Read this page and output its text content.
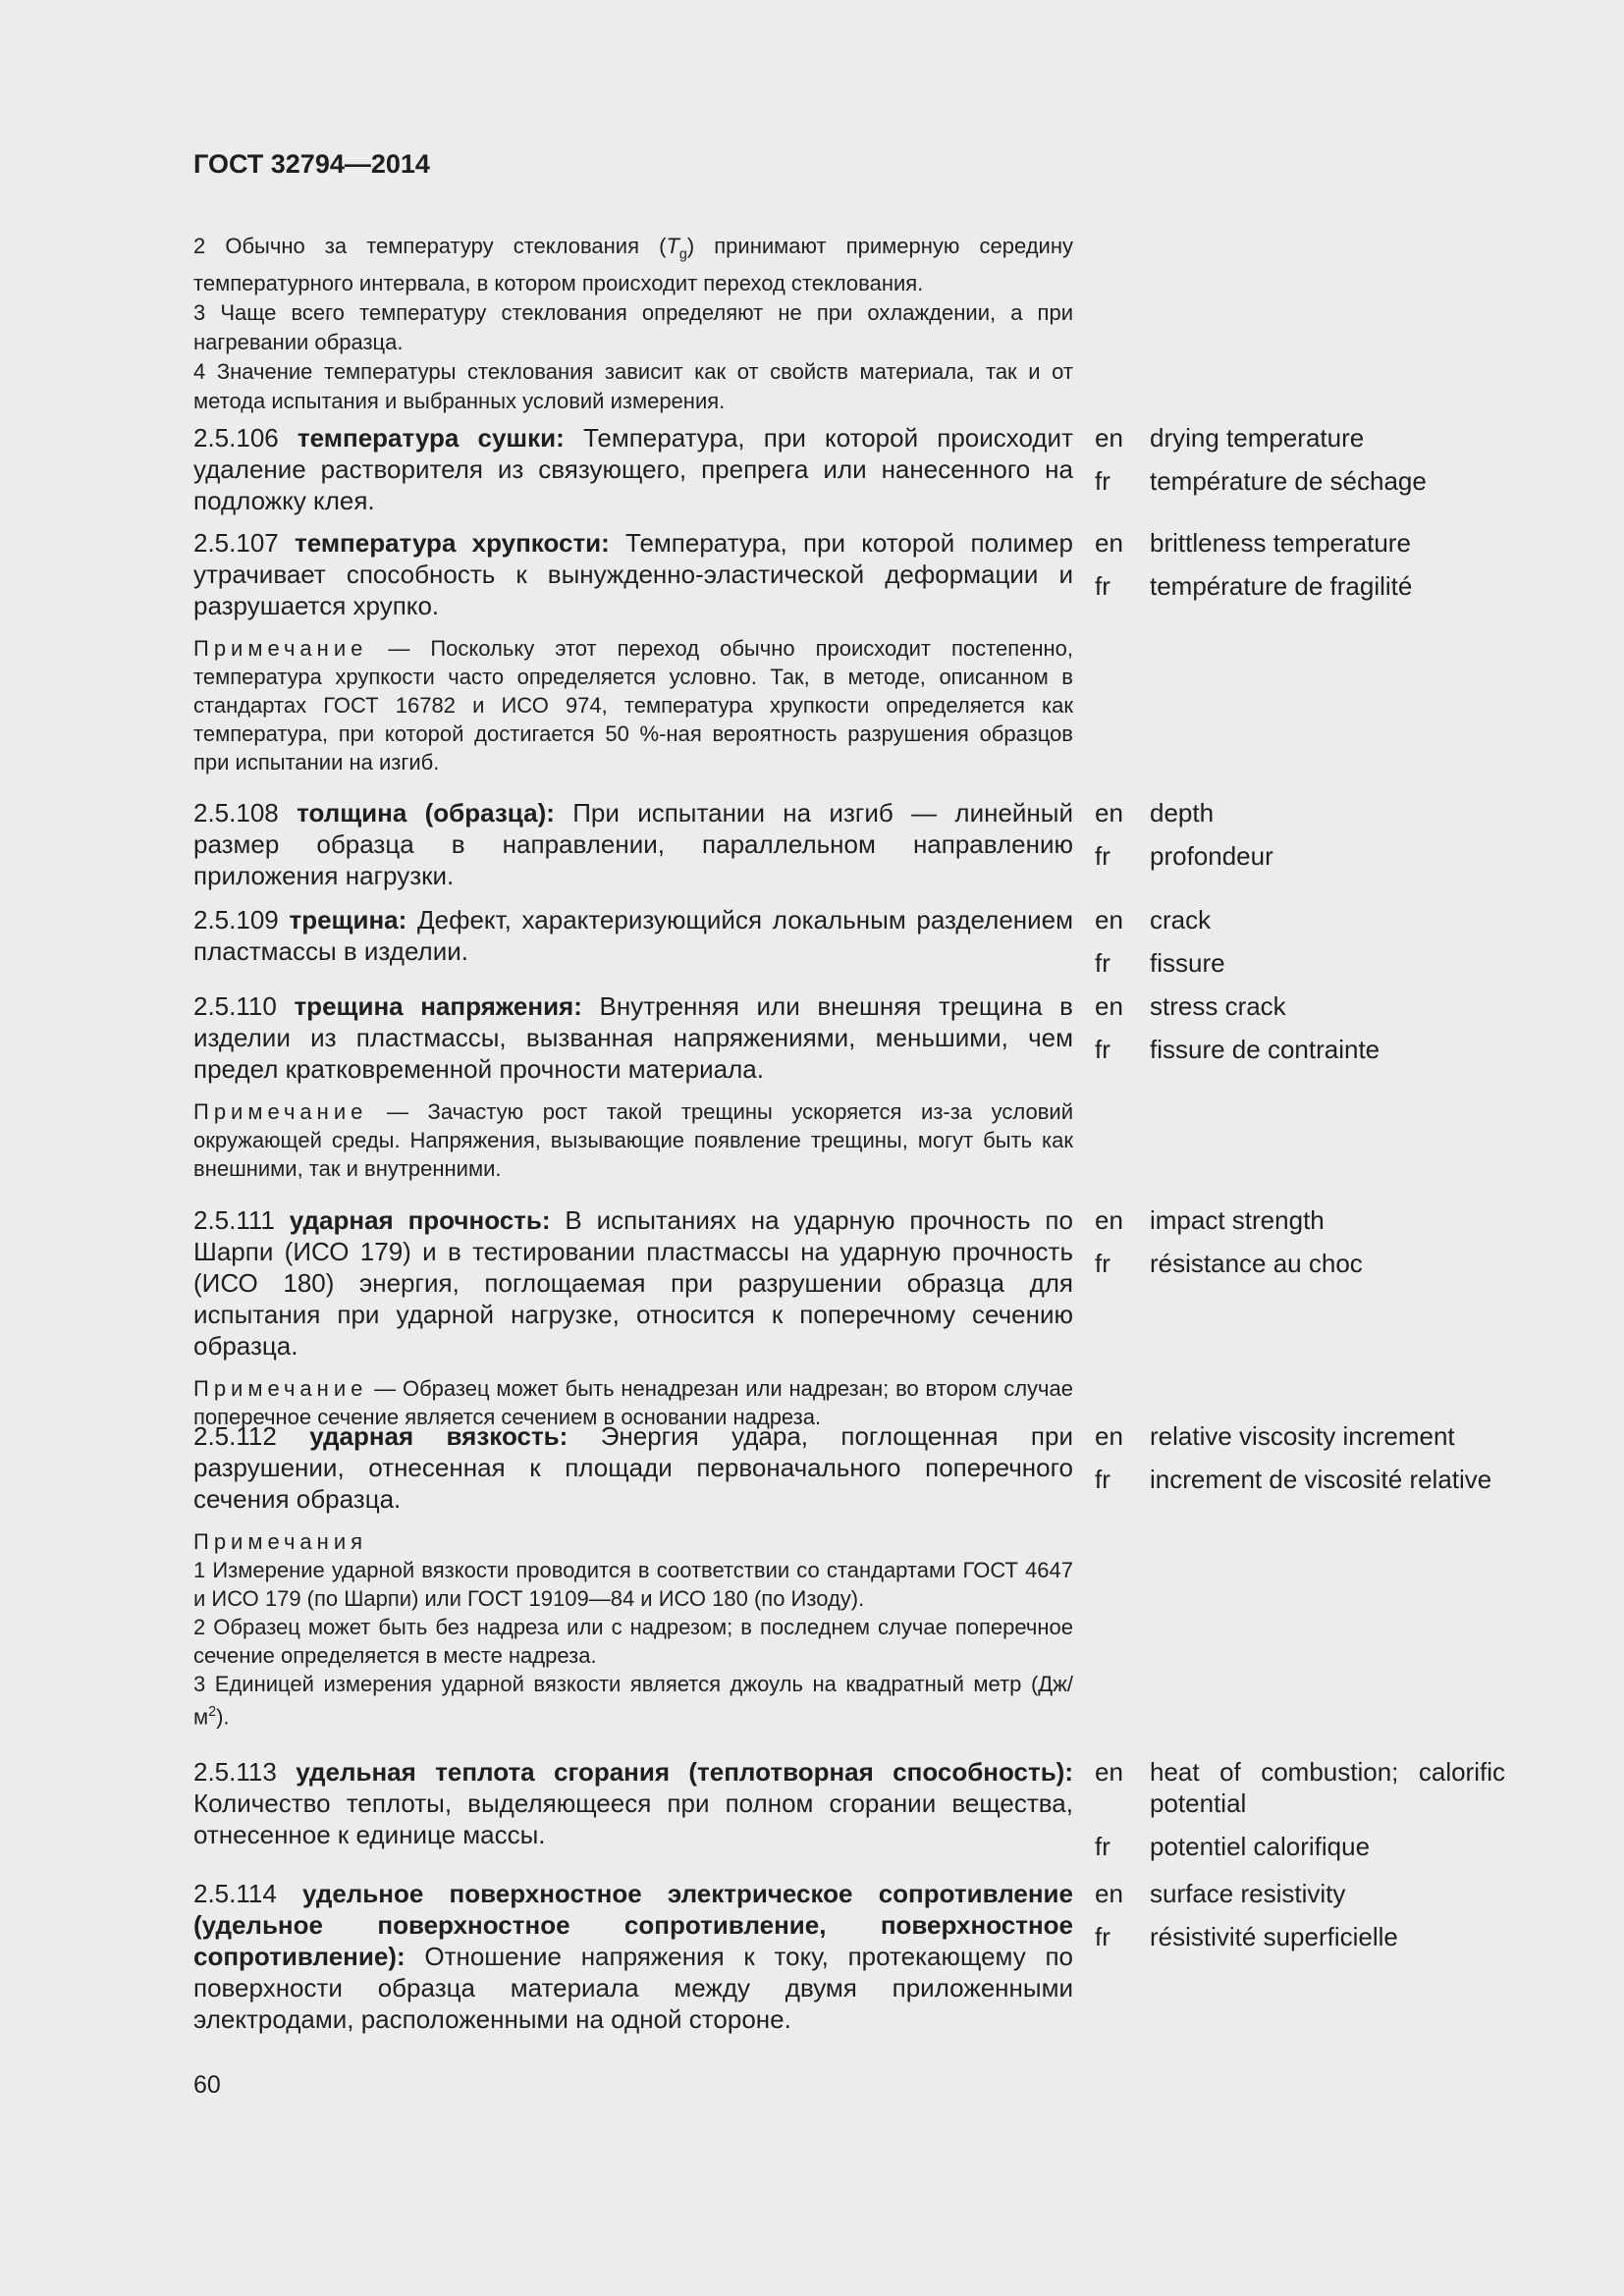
ГОСТ 32794—2014

2 Обычно за температуру стеклования $(T_g)$ принимают примерную середину температурного интервала, в котором происходит переход стеклования.

3 Чаще всего температуру стеклования определяют не при охлаждении, а при нагревании образца.

4 Значение температуры стеклования зависит как от свойств материала, так и от метода испытания и выбранных условий измерения.

2.5.106 температура сушки: Температура, при которой происходит удаление растворителя из связующего, препрега или нанесенного на подложку клея.

en	drying temperature
fr	température de séchage

2.5.107 температура хрупкости: Температура, при которой полимер утрачивает способность к вынужденно-эластической деформации и разрушается хрупко.

Примечание — Поскольку этот переход обычно происходит постепенно, температура хрупкости часто определяется условно. Так, в методе, описанном в стандартах ГОСТ 16782 и ИСО 974, температура хрупкости определяется как температура, при которой достигается 50 %-ная вероятность разрушения образцов при испытании на изгиб.
en	brittleness temperature
fr	température de fragilité

2.5.108 толщина (образца): При испытании на изгиб — линейный размер образца в направлении, параллельном направлению приложения нагрузки.

en	depth
fr	profondeur

2.5.109 трещина: Дефект, характеризующийся локальным разделением пластмассы в изделии.

en	crack
fr	fissure

2.5.110 трещина напряжения: Внутренняя или внешняя трещина в изделии из пластмассы, вызванная напряжениями, меньшими, чем предел кратковременной прочности материала.

Примечание — Зачастую рост такой трещины ускоряется из-за условий окружающей среды. Напряжения, вызывающие появление трещины, могут быть как внешними, так и внутренними.
en	stress crack
fr	fissure de contrainte

2.5.111 ударная прочность: В испытаниях на ударную прочность по Шарпи (ИСО 179) и в тестировании пластмассы на ударную прочность (ИСО 180) энергия, поглощаемая при разрушении образца для испытания при ударной нагрузке, относится к поперечному сечению образца.

Примечание — Образец может быть ненадрезан или надрезан; во втором случае поперечное сечение является сечением в основании надреза.
en	impact strength
fr	résistance au choc

2.5.112 ударная вязкость: Энергия удара, поглощенная при разрушении, отнесенная к площади первоначального поперечного сечения образца.

Примечания

1 Измерение ударной вязкости проводится в соответствии со стандартами ГОСТ 4647 и ИСО 179 (по Шарпи) или ГОСТ 19109—84 и ИСО 180 (по Изоду).

2 Образец может быть без надреза или с надрезом; в последнем случае поперечное сечение определяется в месте надреза.

3 Единицей измерения ударной вязкости является джоуль на квадратный метр $(Дж/м^2)$.

en	relative viscosity increment
fr	increment de viscosité relative

2.5.113 удельная теплота сгорания (теплотворная способность): Количество теплоты, выделяющееся при полном сгорании вещества, отнесенное к единице массы.

en	heat of combustion; calorific potential
fr	potentiel calorifique

2.5.114 удельное поверхностное электрическое сопротивление (удельное поверхностное сопротивление, поверхностное сопротивление): Отношение напряжения к току, протекающему по поверхности образца материала между двумя приложенными электродами, расположенными на одной стороне.

en	surface resistivity
fr	résistivité superficielle
60
